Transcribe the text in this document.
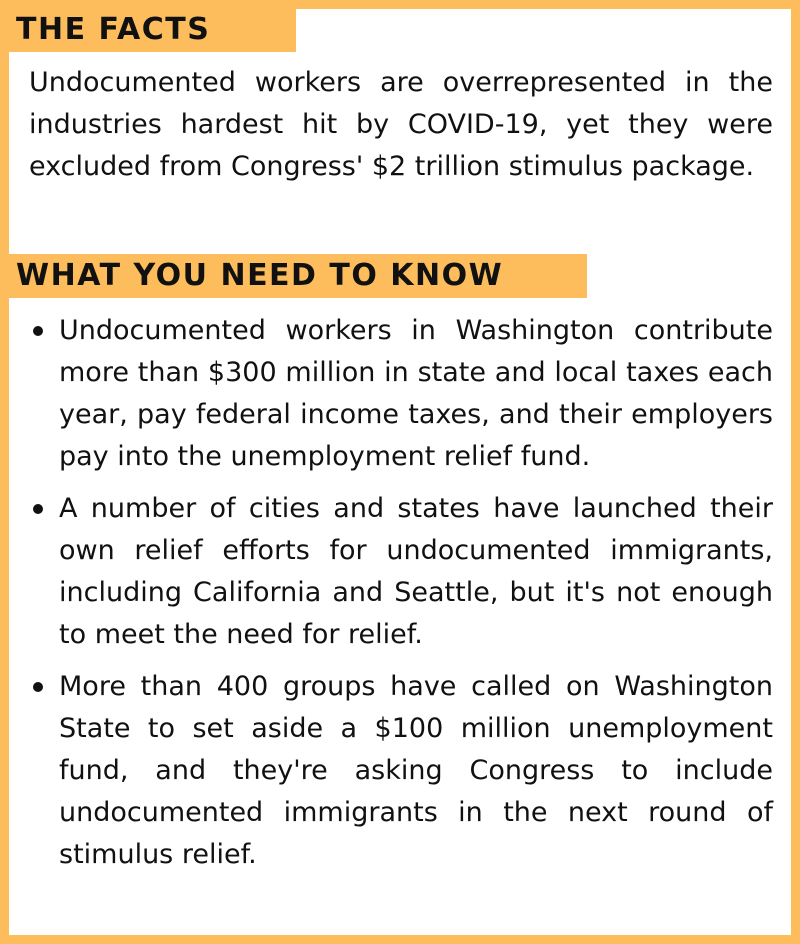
THE FACTS

Undocumented workers are overrepresented in the industries hardest hit by COVID-19, yet they were excluded from Congress' $2 trillion stimulus package.

WHAT YOU NEED TO KNOW
Undocumented workers in Washington contribute more than $300 million in state and local taxes each year, pay federal income taxes, and their employers pay into the unemployment relief fund.
A number of cities and states have launched their own relief efforts for undocumented immigrants, including California and Seattle, but it's not enough to meet the need for relief.
More than 400 groups have called on Washington State to set aside a $100 million unemployment fund, and they're asking Congress to include undocumented immigrants in the next round of stimulus relief.
